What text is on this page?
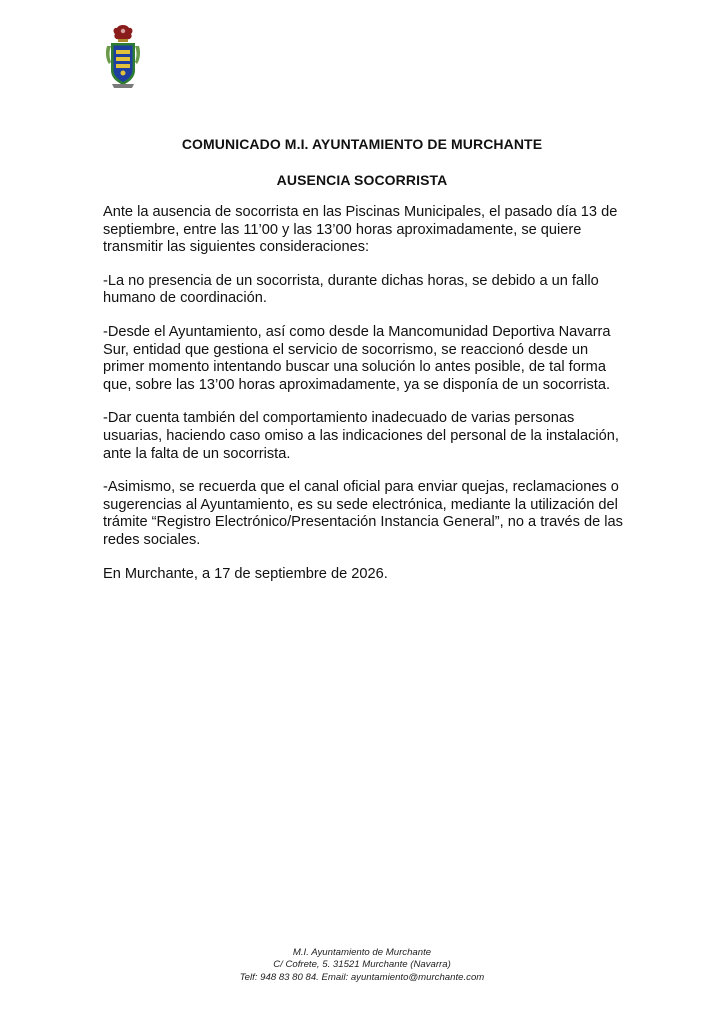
COMUNICADO M.I. AYUNTAMIENTO DE MURCHANTE
AUSENCIA SOCORRISTA

Ante la ausencia de socorrista en las Piscinas Municipales, el pasado día 13 de septiembre, entre las 11’00 y las 13’00 horas aproximadamente, se quiere transmitir las siguientes consideraciones:

-La no presencia de un socorrista, durante dichas horas, se debido a un fallo humano de coordinación.

-Desde el Ayuntamiento, así como desde la Mancomunidad Deportiva Navarra Sur, entidad que gestiona el servicio de socorrismo, se reaccionó desde un primer momento intentando buscar una solución lo antes posible, de tal forma que, sobre las 13’00 horas aproximadamente, ya se disponía de un socorrista.

-Dar cuenta también del comportamiento inadecuado de varias personas usuarias, haciendo caso omiso a las indicaciones del personal de la instalación, ante la falta de un socorrista.

-Asimismo, se recuerda que el canal oficial para enviar quejas, reclamaciones o sugerencias al Ayuntamiento, es su sede electrónica, mediante la utilización del trámite “Registro Electrónico/Presentación Instancia General”, no a través de las redes sociales.

En Murchante, a 17 de septiembre de 2026.

M.I. Ayuntamiento de Murchante
C/ Cofrete, 5. 31521 Murchante (Navarra)
Telf: 948 83 80 84. Email: ayuntamiento@murchante.com
